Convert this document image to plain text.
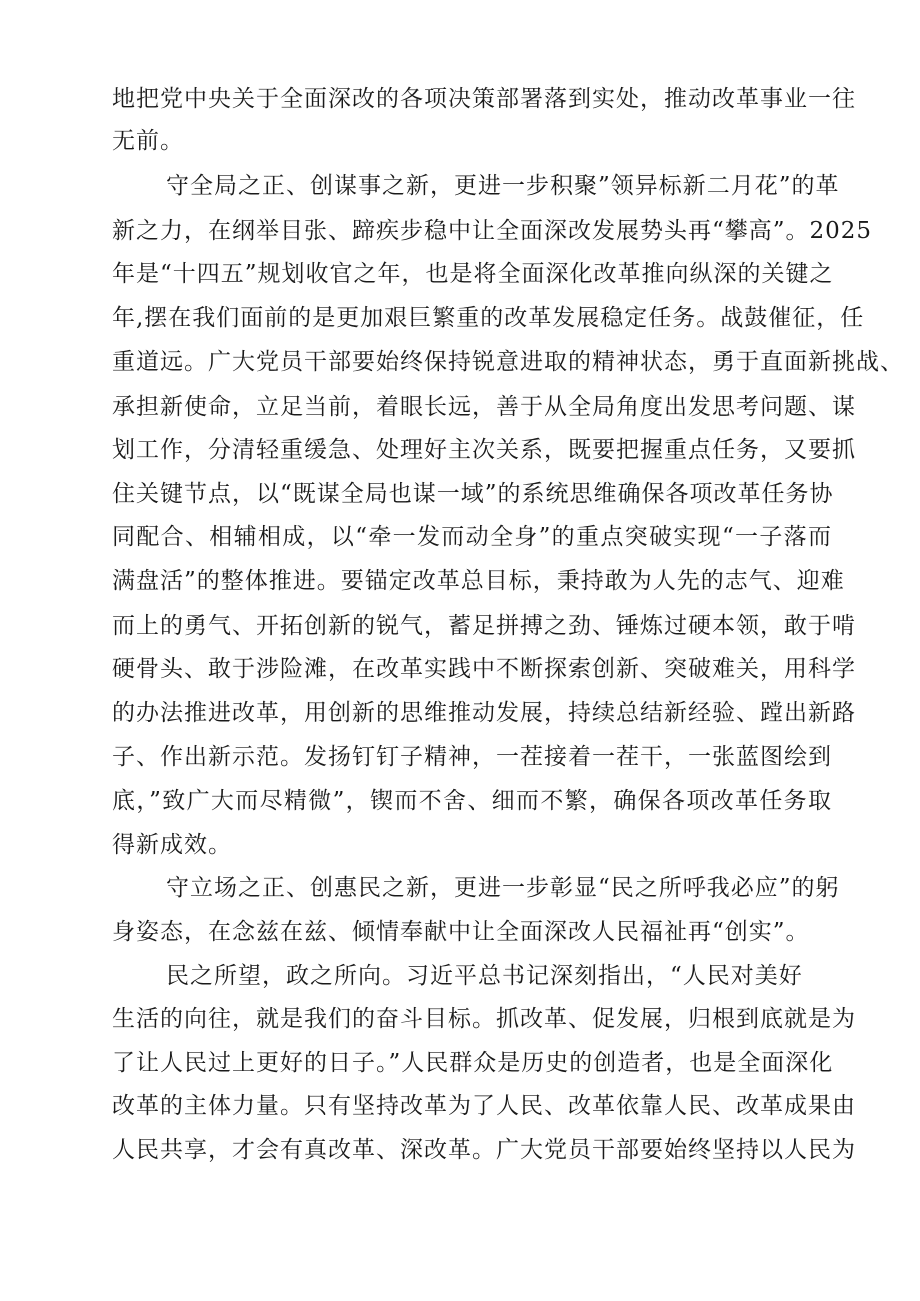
地把党中央关于全面深改的各项决策部署落到实处，推动改革事业一往
无前。
守全局之正、创谋事之新，更进一步积聚”领异标新二月花”的革
新之力，在纲举目张、蹄疾步稳中让全面深改发展势头再“攀高”。2025
年是“十四五”规划收官之年，也是将全面深化改革推向纵深的关键之
年,摆在我们面前的是更加艰巨繁重的改革发展稳定任务。战鼓催征，任
重道远。广大党员干部要始终保持锐意进取的精神状态，勇于直面新挑战、
承担新使命，立足当前，着眼长远，善于从全局角度出发思考问题、谋
划工作，分清轻重缓急、处理好主次关系，既要把握重点任务，又要抓
住关键节点，以“既谋全局也谋一域”的系统思维确保各项改革任务协
同配合、相辅相成，以“牵一发而动全身”的重点突破实现“一子落而
满盘活”的整体推进。要锚定改革总目标，秉持敢为人先的志气、迎难
而上的勇气、开拓创新的锐气，蓄足拼搏之劲、锤炼过硬本领，敢于啃
硬骨头、敢于涉险滩，在改革实践中不断探索创新、突破难关，用科学
的办法推进改革，用创新的思维推动发展，持续总结新经验、蹚出新路
子、作出新示范。发扬钉钉子精神，一茬接着一茬干，一张蓝图绘到
底，”致广大而尽精微”，锲而不舍、细而不繁，确保各项改革任务取
得新成效。
守立场之正、创惠民之新，更进一步彰显“民之所呼我必应”的躬
身姿态，在念兹在兹、倾情奉献中让全面深改人民福祉再“创实”。
民之所望，政之所向。习近平总书记深刻指出，“人民对美好
生活的向往，就是我们的奋斗目标。抓改革、促发展，归根到底就是为
了让人民过上更好的日子。”人民群众是历史的创造者，也是全面深化
改革的主体力量。只有坚持改革为了人民、改革依靠人民、改革成果由
人民共享，才会有真改革、深改革。广大党员干部要始终坚持以人民为
